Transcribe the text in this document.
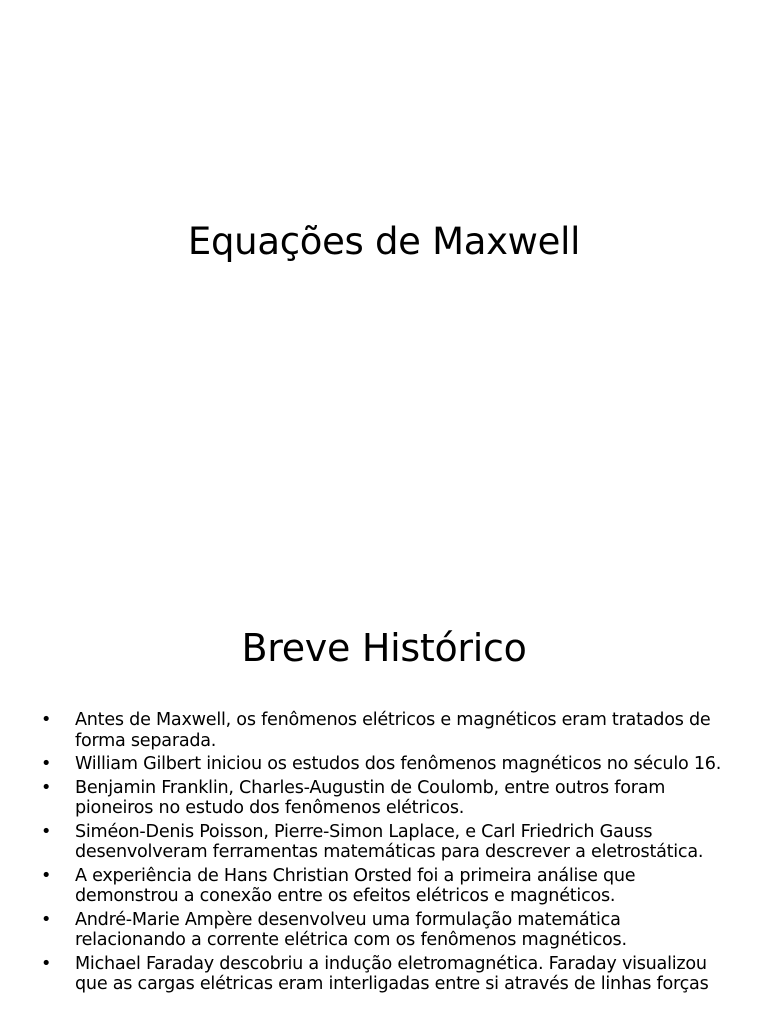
Equações de Maxwell
Breve Histórico
• Antes de Maxwell, os fenômenos elétricos e magnéticos eram tratados de forma separada.
• William Gilbert iniciou os estudos dos fenômenos magnéticos no século 16.
• Benjamin Franklin, Charles-Augustin de Coulomb, entre outros foram pioneiros no estudo dos fenômenos elétricos.
• Siméon-Denis Poisson, Pierre-Simon Laplace, e Carl Friedrich Gauss desenvolveram ferramentas matemáticas para descrever a eletrostática.
• A experiência de Hans Christian Orsted foi a primeira análise que demonstrou a conexão entre os efeitos elétricos e magnéticos.
• André-Marie Ampère desenvolveu uma formulação matemática relacionando a corrente elétrica com os fenômenos magnéticos.
• Michael Faraday descobriu a indução eletromagnética. Faraday visualizou que as cargas elétricas eram interligadas entre si através de linhas forças
